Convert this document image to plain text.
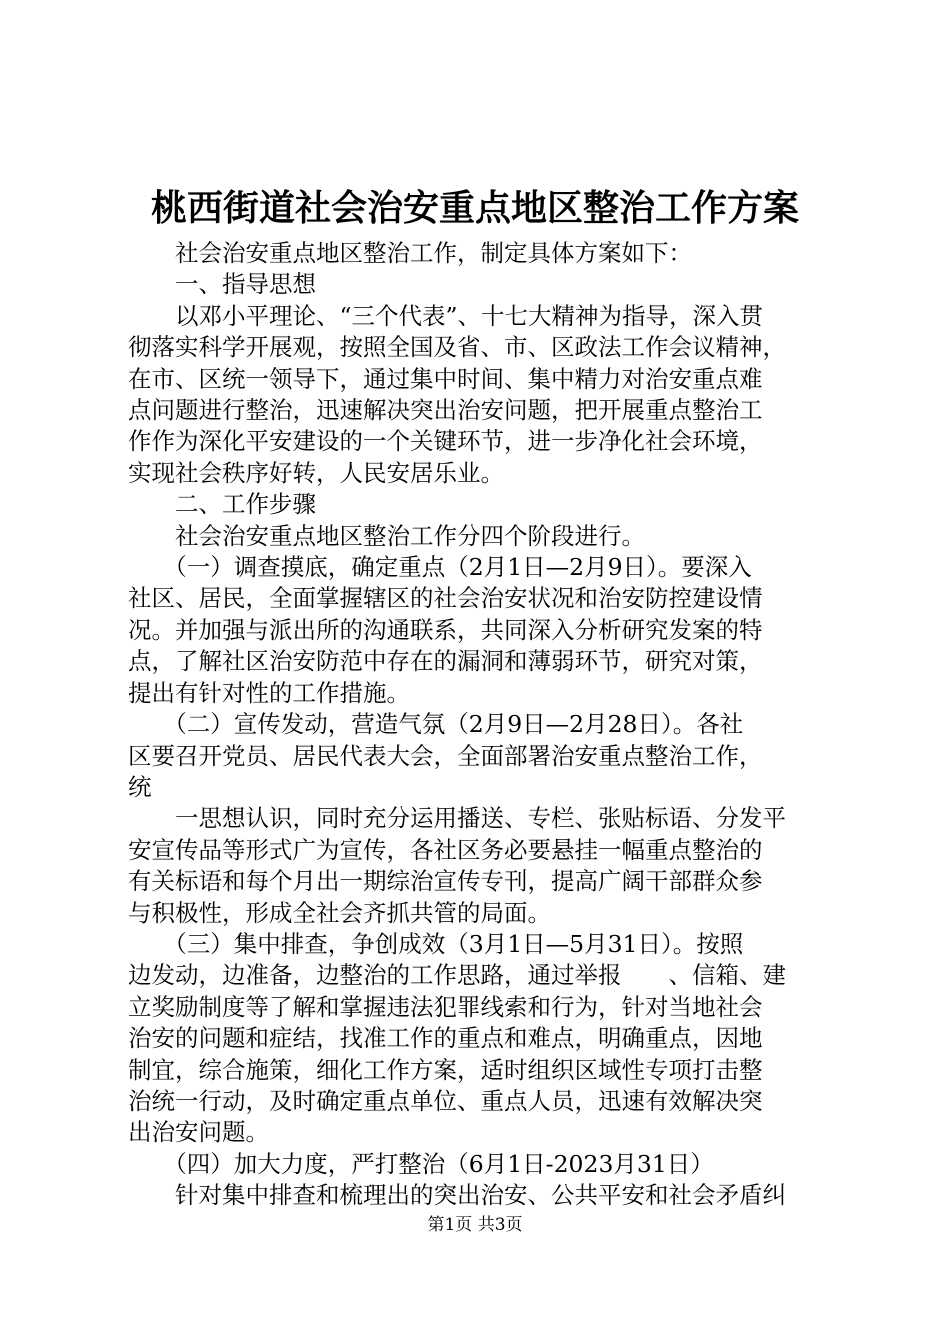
桃西街道社会治安重点地区整治工作方案

　　社会治安重点地区整治工作，制定具体方案如下：

　　一、指导思想

　　以邓小平理论、“三个代表”、十七大精神为指导，深入贯

彻落实科学开展观，按照全国及省、市、区政法工作会议精神，

在市、区统一领导下，通过集中时间、集中精力对治安重点难

点问题进行整治，迅速解决突出治安问题，把开展重点整治工

作作为深化平安建设的一个关键环节，进一步净化社会环境，

实现社会秩序好转，人民安居乐业。

　　二、工作步骤

　　社会治安重点地区整治工作分四个阶段进行。

　　（一）调查摸底，确定重点（2月1日—2月9日）。要深入

社区、居民，全面掌握辖区的社会治安状况和治安防控建设情

况。并加强与派出所的沟通联系，共同深入分析研究发案的特

点，了解社区治安防范中存在的漏洞和薄弱环节，研究对策，

提出有针对性的工作措施。

　　（二）宣传发动，营造气氛（2月9日—2月28日）。各社

区要召开党员、居民代表大会，全面部署治安重点整治工作，

统

　　一思想认识，同时充分运用播送、专栏、张贴标语、分发平

安宣传品等形式广为宣传，各社区务必要悬挂一幅重点整治的

有关标语和每个月出一期综治宣传专刊，提高广阔干部群众参

与积极性，形成全社会齐抓共管的局面。

　　（三）集中排查，争创成效（3月1日—5月31日）。按照

边发动，边准备，边整治的工作思路，通过举报　　、信箱、建

立奖励制度等了解和掌握违法犯罪线索和行为，针对当地社会

治安的问题和症结，找准工作的重点和难点，明确重点，因地

制宜，综合施策，细化工作方案，适时组织区域性专项打击整

治统一行动，及时确定重点单位、重点人员，迅速有效解决突

出治安问题。

　　（四）加大力度，严打整治（6月1日-2023月31日）

　　针对集中排查和梳理出的突出治安、公共平安和社会矛盾纠

第1页 共3页
